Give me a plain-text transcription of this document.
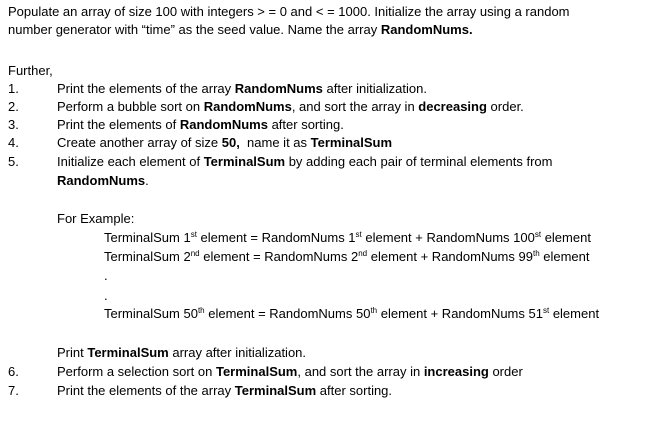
Populate an array of size 100 with integers > = 0 and < = 1000. Initialize the array using a random
number generator with “time” as the seed value. Name the array RandomNums.
Further,
1.	Print the elements of the array RandomNums after initialization.
2.	Perform a bubble sort on RandomNums, and sort the array in decreasing order.
3.	Print the elements of RandomNums after sorting.
4.	Create another array of size 50,  name it as TerminalSum
5.	Initialize each element of TerminalSum by adding each pair of terminal elements from
RandomNums.
For Example:
TerminalSum 1st element = RandomNums 1st element + RandomNums 100st element
TerminalSum 2nd element = RandomNums 2nd element + RandomNums 99th element
.
.
TerminalSum 50th element = RandomNums 50th element + RandomNums 51st element
Print TerminalSum array after initialization.
6.	Perform a selection sort on TerminalSum, and sort the array in increasing order
7.	Print the elements of the array TerminalSum after sorting.
